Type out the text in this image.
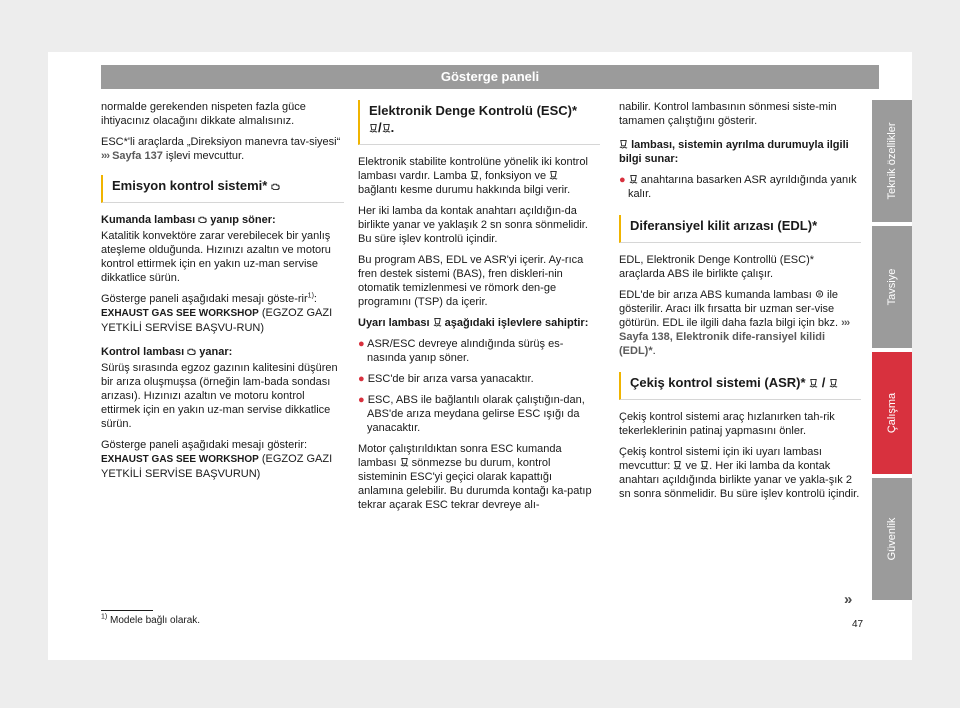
Gösterge paneli

normalde gerekenden nispeten fazla güce ihtiyacınız olacağını dikkate almalısınız.

ESC*'li araçlarda „Direksiyon manevra tav-siyesi“ ››› Sayfa 137 işlevi mevcuttur.

Emisyon kontrol sistemi*

Kumanda lambası yanıp söner:

Katalitik konvektöre zarar verebilecek bir yanlış ateşleme olduğunda. Hızınızı azaltın ve motoru kontrol ettirmek için en yakın uz-man servise dikkatlice sürün.

Gösterge paneli aşağıdaki mesajı göste-rir$^{1)}$: EXHAUST GAS SEE WORKSHOP (EGZOZ GAZI YETKİLİ SERVİSE BAŞVU-RUN)

Kontrol lambası yanar:

Sürüş sırasında egzoz gazının kalitesini düşüren bir arıza oluşmuşsa (örneğin lam-bada sondası arızası). Hızınızı azaltın ve motoru kontrol ettirmek için en yakın uz-man servise dikkatlice sürün.

Gösterge paneli aşağıdaki mesajı gösterir: EXHAUST GAS SEE WORKSHOP (EGZOZ GAZI YETKİLİ SERVİSE BAŞVURUN)

Elektronik Denge Kontrolü (ESC)*

/ .

Elektronik stabilite kontrolüne yönelik iki kontrol lambası vardır. Lamba , fonksiyon ve
bağlantı kesme durumu hakkında bilgi verir.

Her iki lamba da kontak anahtarı açıldığın-da birlikte yanar ve yaklaşık 2 sn sonra sönmelidir. Bu süre işlev kontrolü içindir.

Bu program ABS, EDL ve ASR'yi içerir. Ay-rıca fren destek sistemi (BAS), fren diskleri-nin otomatik temizlenmesi ve römork den-ge programını (TSP) da içerir.

Uyarı lambası aşağıdaki işlevlere sahiptir:

● ASR/ESC devreye alındığında sürüş es-nasında yanıp söner.

● ESC'de bir arıza varsa yanacaktır.

● ESC, ABS ile bağlantılı olarak çalıştığın-dan, ABS'de arıza meydana gelirse ESC ışığı da yanacaktır.

Motor çalıştırıldıktan sonra ESC kumanda lambası sönmezse bu durum, kontrol sisteminin ESC'yi geçici olarak kapattığı anlamına gelebilir. Bu durumda kontağı ka-patıp tekrar açarak ESC tekrar devreye alı-

nabilir. Kontrol lambasının sönmesi siste-min tamamen çalıştığını gösterir.

lambası, sistemin ayrılma durumuyla ilgili bilgi sunar:

● anahtarına basarken ASR ayrıldığında yanık kalır.

Diferansiyel kilit arızası (EDL)*

EDL, Elektronik Denge Kontrollü (ESC)* araçlarda ABS ile birlikte çalışır.

EDL'de bir arıza ABS kumanda lambası ile gösterilir. Aracı ilk fırsatta bir uzman ser-vise götürün. EDL ile ilgili daha fazla bilgi için bkz. ››› Sayfa 138, Elektronik dife-ransiyel kilidi (EDL)*.

Çekiş kontrol sistemi (ASR)* /

Çekiş kontrol sistemi araç hızlanırken tah-rik tekerleklerinin patinaj yapmasını önler.

Çekiş kontrol sistemi için iki uyarı lambası mevcuttur: ve . Her iki lamba da kontak anahtarı açıldığında birlikte yanar ve yakla-şık 2 sn sonra sönmelidir. Bu süre işlev kontrolü içindir.

Teknik özellikler
Tavsiye
Çalışma
Güvenlik
»
$^{1)}$ Modele bağlı olarak.	47
